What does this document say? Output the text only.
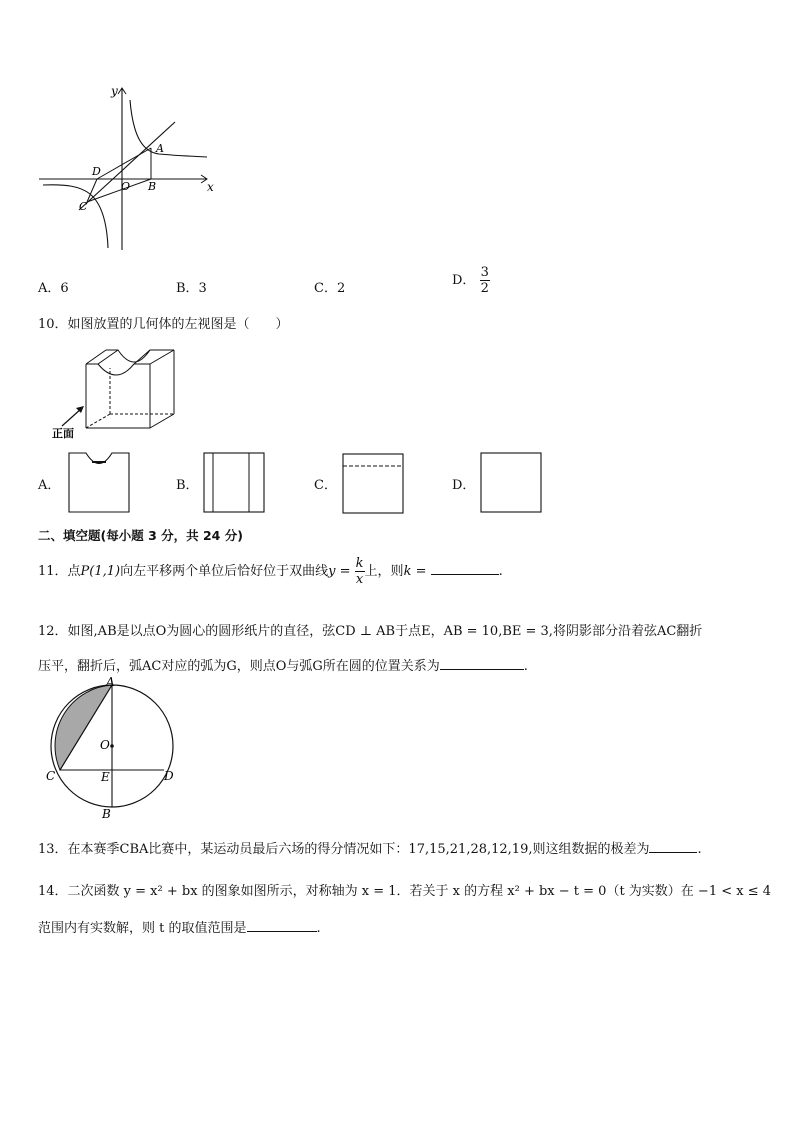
y
x
A
B
C
D
O
A．6	B．3	C．2
D． $\frac{3}{2}$
10．如图放置的几何体的左视图是（　　）
正面
A．	B．	C．	D．
二、填空题(每小题 3 分，共 24 分)
11．点P(1,1)向左平移两个单位后恰好位于双曲线$y = \frac{k}{x}$ 上，则k =	.
12．如图,AB是以点O为圆心的圆形纸片的直径，弦CD ⊥ AB于点E，AB = 10,BE = 3,将阴影部分沿着弦AC翻折
压平，翻折后，弧AC对应的弧为G，则点O与弧G所在圆的位置关系为	.
A
B
C	D
E
O
13．在本赛季CBA比赛中，某运动员最后六场的得分情况如下：17,15,21,28,12,19,则这组数据的极差为	.
14．二次函数 y = x² + bx 的图象如图所示，对称轴为 x = 1．若关于 x 的方程 x² + bx − t = 0（t 为实数）在 −1 < x ≤ 4
范围内有实数解，则 t 的取值范围是	.
